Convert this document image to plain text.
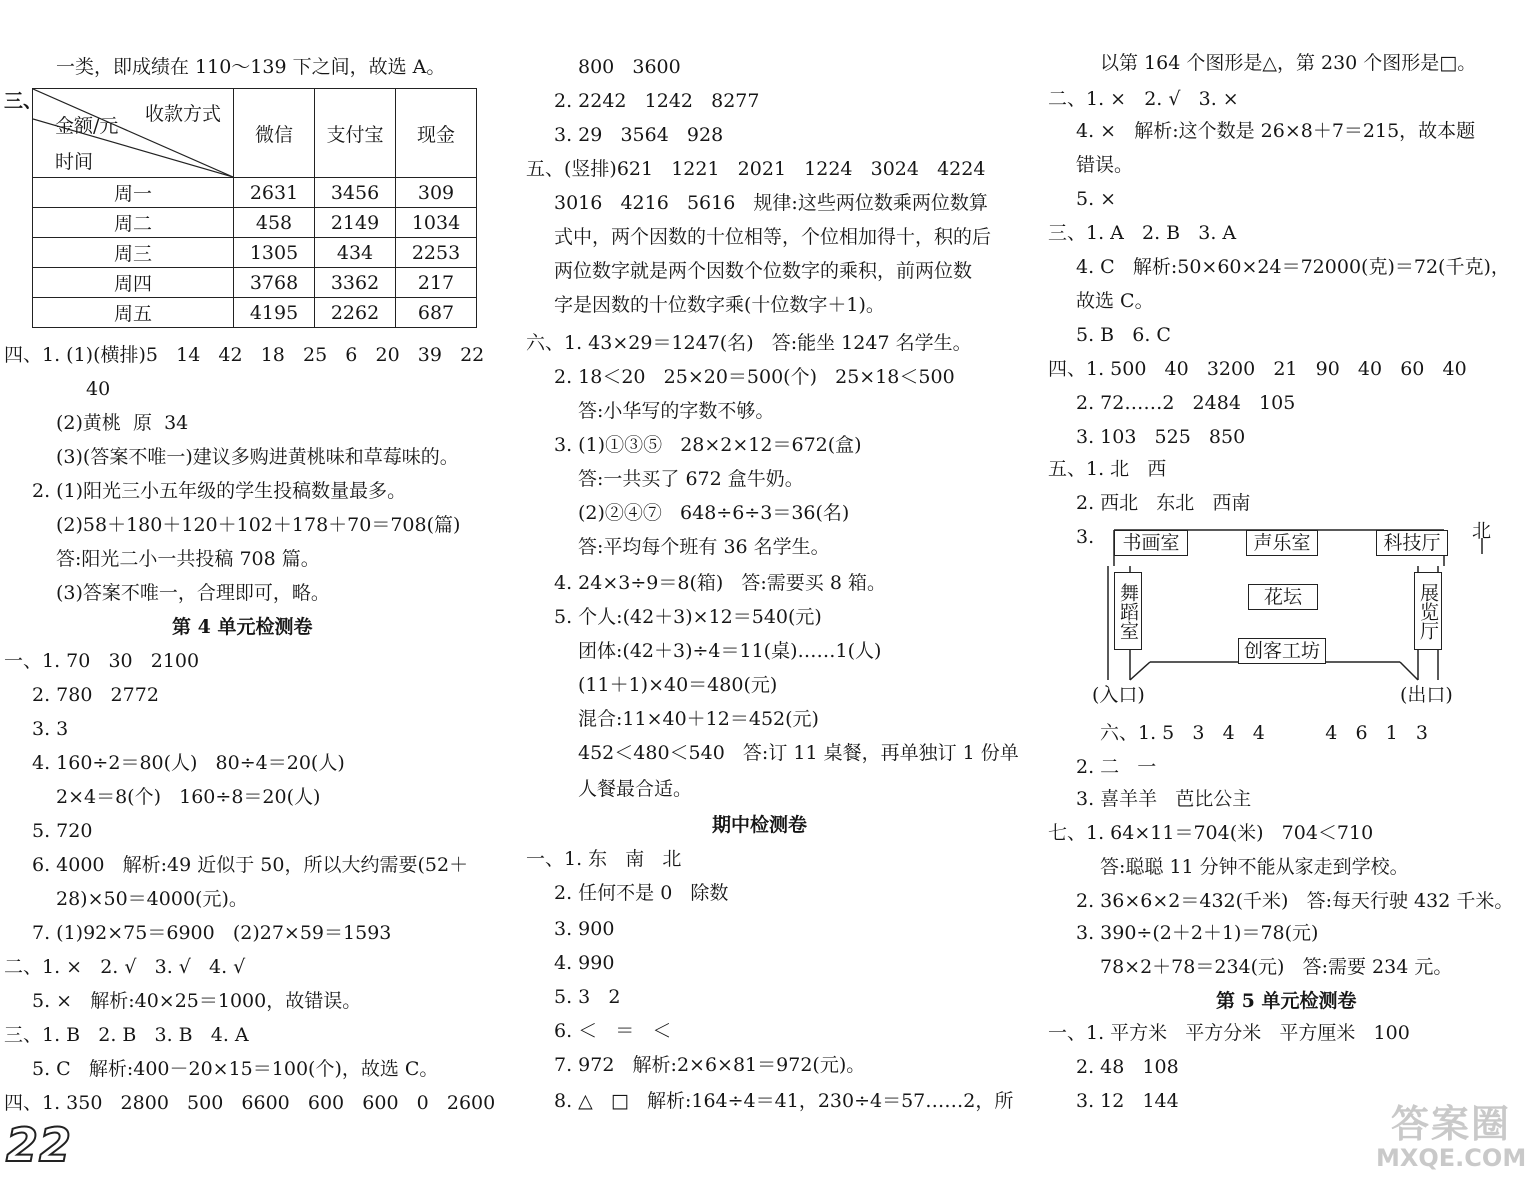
一类，即成绩在 110～139 下之间，故选 A。
三、
收款方式
金额/元
时间	微信	支付宝	现金
周一	2631	3456	309
周二	458	2149	1034
周三	1305	434	2253
周四	3768	3362	217
周五	4195	2262	687
四、1. (1)(横排)5   14   42   18   25   6   20   39   22
40
(2)黄桃  原  34
(3)(答案不唯一)建议多购进黄桃味和草莓味的。
2. (1)阳光三小五年级的学生投稿数量最多。
(2)58＋180＋120＋102＋178＋70＝708(篇)
答:阳光二小一共投稿 708 篇。
(3)答案不唯一，合理即可，略。
第 4 单元检测卷
一、1. 70   30   2100
2. 780   2772
3. 3
4. 160÷2＝80(人)   80÷4＝20(人)
2×4＝8(个)   160÷8＝20(人)
5. 720
6. 4000   解析:49 近似于 50，所以大约需要(52＋
28)×50＝4000(元)。
7. (1)92×75＝6900   (2)27×59＝1593
二、1. ×   2. √   3. √   4. √
5. ×   解析:40×25＝1000，故错误。
三、1. B   2. B   3. B   4. A
5. C   解析:400－20×15＝100(个)，故选 C。
四、1. 350   2800   500   6600   600   600   0   2600
800   3600
2. 2242   1242   8277
3. 29   3564   928
五、(竖排)621   1221   2021   1224   3024   4224
3016   4216   5616   规律:这些两位数乘两位数算
式中，两个因数的十位相等，个位相加得十，积的后
两位数字就是两个因数个位数字的乘积，前两位数
字是因数的十位数字乘(十位数字＋1)。
六、1. 43×29＝1247(名)   答:能坐 1247 名学生。
2. 18＜20   25×20＝500(个)   25×18＜500
答:小华写的字数不够。
3. (1)①③⑤   28×2×12＝672(盒)
答:一共买了 672 盒牛奶。
(2)②④⑦   648÷6÷3＝36(名)
答:平均每个班有 36 名学生。
4. 24×3÷9＝8(箱)   答:需要买 8 箱。
5. 个人:(42＋3)×12＝540(元)
团体:(42＋3)÷4＝11(桌)……1(人)
(11＋1)×40＝480(元)
混合:11×40＋12＝452(元)
452＜480＜540   答:订 11 桌餐，再单独订 1 份单
人餐最合适。
期中检测卷
一、1. 东   南   北
2. 任何不是 0   除数
3. 900
4. 990
5. 3   2
6. ＜   ＝   ＜
7. 972   解析:2×6×81＝972(元)。
8. △   □   解析:164÷4＝41，230÷4＝57……2，所
以第 164 个图形是△，第 230 个图形是□。
二、1. ×   2. √   3. ×
4. ×   解析:这个数是 26×8＋7＝215，故本题
错误。
5. ×
三、1. A   2. B   3. A
4. C   解析:50×60×24＝72000(克)＝72(千克)，
故选 C。
5. B   6. C
四、1. 500   40   3200   21   90   40   60   40
2. 72……2   2484   105
3. 103   525   850
五、1. 北   西
2. 西北   东北   西南
3.
六、1. 5   3   4   4          4   6   1   3
2. 二   一
3. 喜羊羊   芭比公主
七、1. 64×11＝704(米)   704＜710
答:聪聪 11 分钟不能从家走到学校。
2. 36×6×2＝432(千米)   答:每天行驶 432 千米。
3. 390÷(2＋2＋1)＝78(元)
78×2＋78＝234(元)   答:需要 234 元。
第 5 单元检测卷
一、1. 平方米   平方分米   平方厘米   100
2. 48   108
3. 12   144
书画室	声乐室	科技厅
舞蹈室	花坛	展览厅
创客工坊
北
(入口)	(出口)
22	答案圈
MXQE.COM
